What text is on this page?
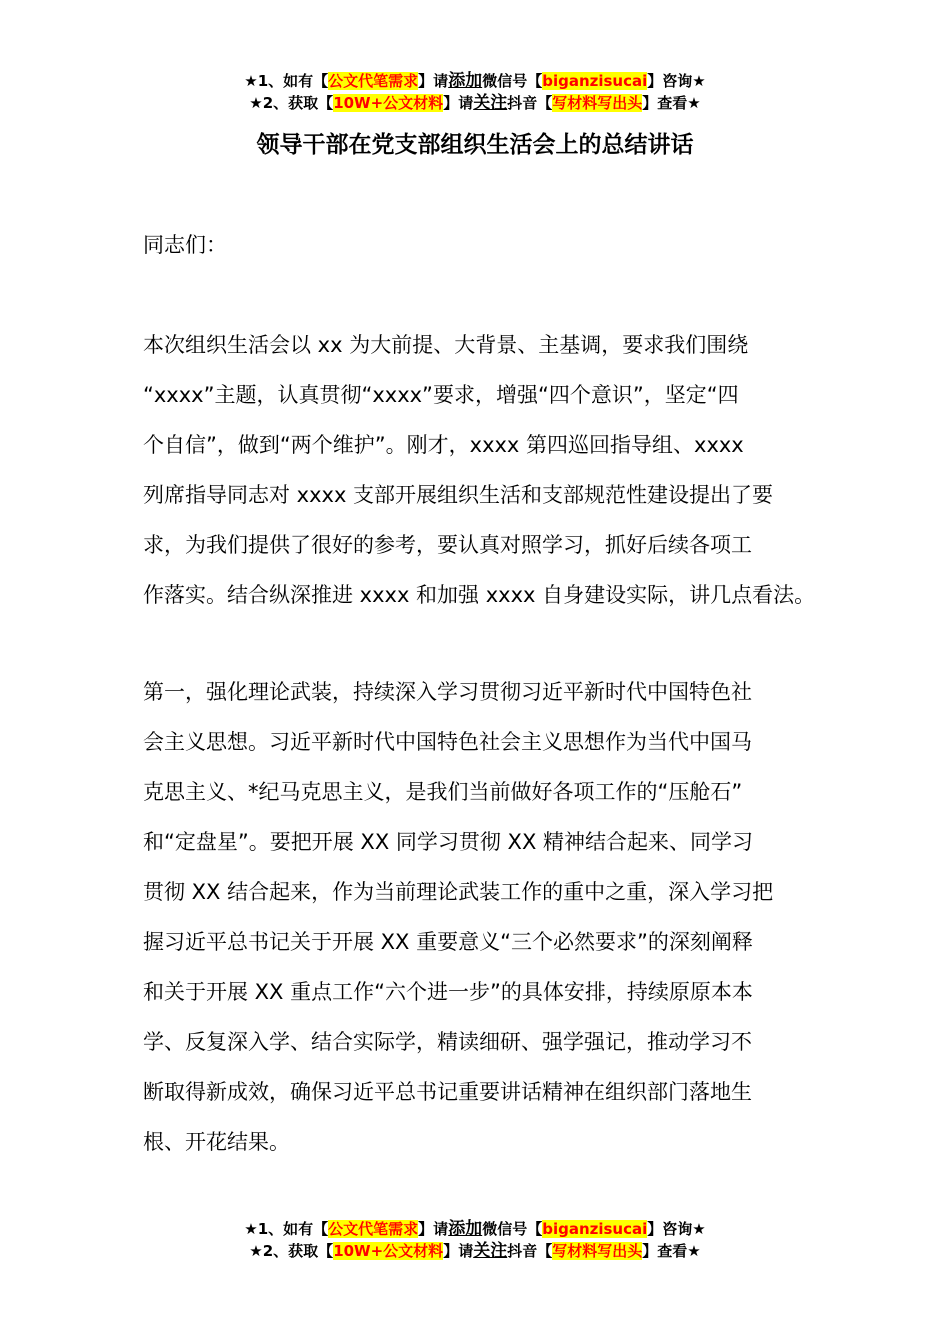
★1、如有【公文代笔需求】请添加微信号【biganzisucai】咨询★
★2、获取【10W+公文材料】请关注抖音【写材料写出头】查看★
领导干部在党支部组织生活会上的总结讲话

同志们：

本次组织生活会以 xx 为大前提、大背景、主基调，要求我们围绕
“xxxx”主题，认真贯彻“xxxx”要求，增强“四个意识”，坚定“四
个自信”，做到“两个维护”。刚才，xxxx 第四巡回指导组、xxxx
列席指导同志对 xxxx 支部开展组织生活和支部规范性建设提出了要
求，为我们提供了很好的参考，要认真对照学习，抓好后续各项工
作落实。结合纵深推进 xxxx 和加强 xxxx 自身建设实际，讲几点看法。

第一，强化理论武装，持续深入学习贯彻习近平新时代中国特色社
会主义思想。习近平新时代中国特色社会主义思想作为当代中国马
克思主义、*纪马克思主义，是我们当前做好各项工作的“压舱石”
和“定盘星”。要把开展 XX 同学习贯彻 XX 精神结合起来、同学习
贯彻 XX 结合起来，作为当前理论武装工作的重中之重，深入学习把
握习近平总书记关于开展 XX 重要意义“三个必然要求”的深刻阐释
和关于开展 XX 重点工作“六个进一步”的具体安排，持续原原本本
学、反复深入学、结合实际学，精读细研、强学强记，推动学习不
断取得新成效，确保习近平总书记重要讲话精神在组织部门落地生
根、开花结果。

★1、如有【公文代笔需求】请添加微信号【biganzisucai】咨询★
★2、获取【10W+公文材料】请关注抖音【写材料写出头】查看★
